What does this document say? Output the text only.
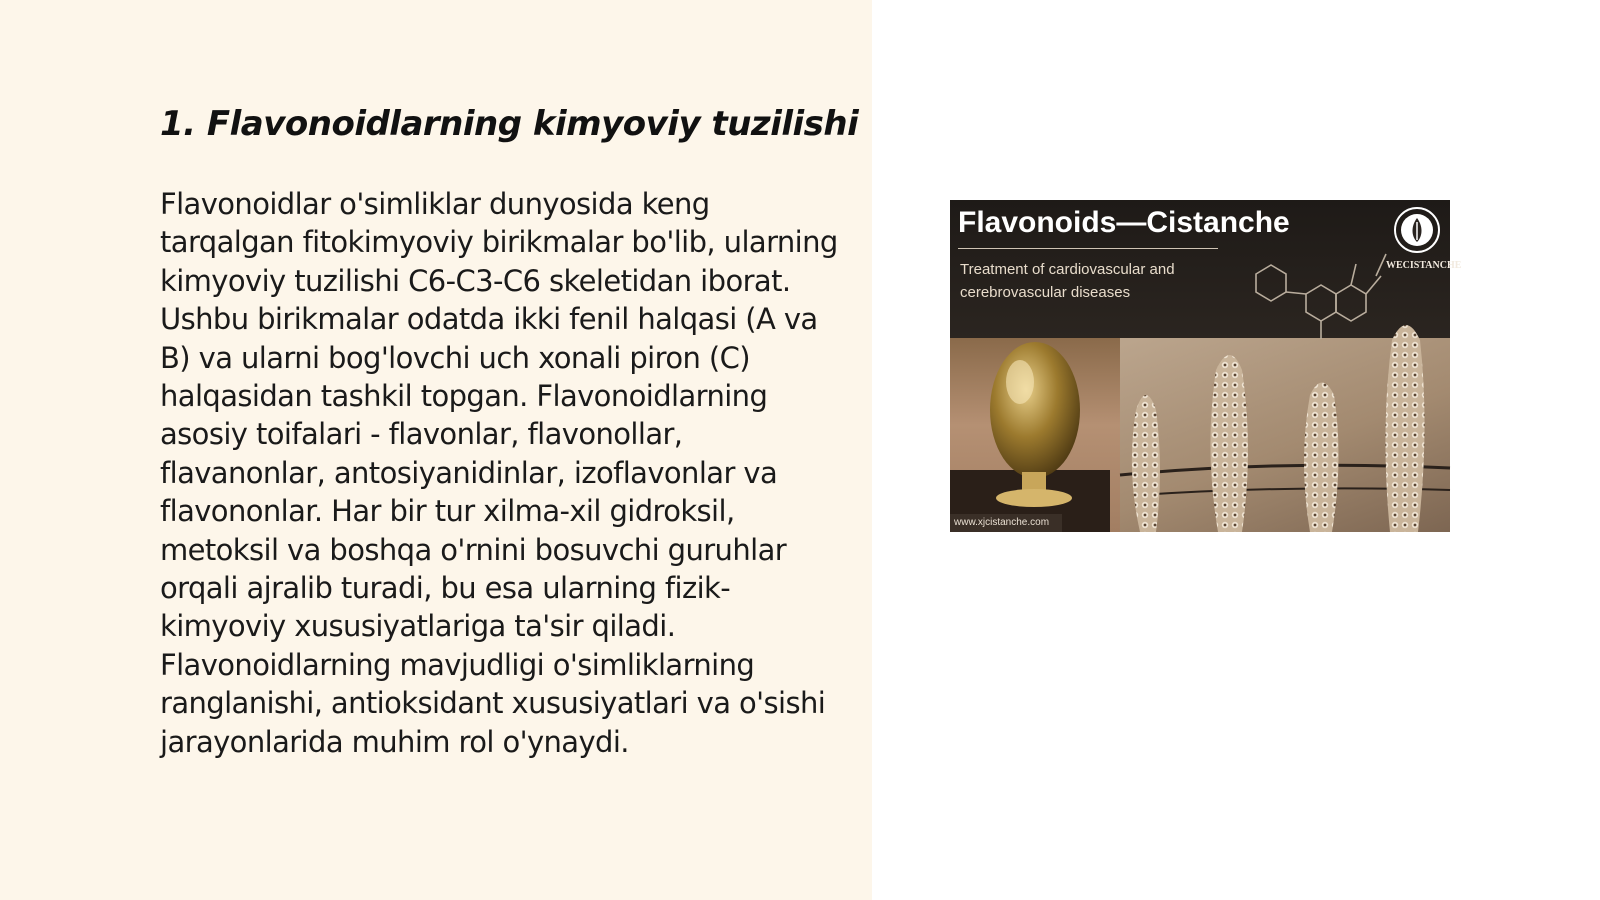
1. Flavonoidlarning kimyoviy tuzilishi

Flavonoidlar o'simliklar dunyosida keng tarqalgan fitokimyoviy birikmalar bo'lib, ularning kimyoviy tuzilishi C6-C3-C6 skeletidan iborat. Ushbu birikmalar odatda ikki fenil halqasi (A va B) va ularni bog'lovchi uch xonali piron (C) halqasidan tashkil topgan. Flavonoidlarning asosiy toifalari - flavonlar, flavonollar, flavanonlar, antosiyanidinlar, izoflavonlar va flavononlar. Har bir tur xilma-xil gidroksil, metoksil va boshqa o'rnini bosuvchi guruhlar orqali ajralib turadi, bu esa ularning fizik-kimyoviy xususiyatlariga ta'sir qiladi. Flavonoidlarning mavjudligi o'simliklarning ranglanishi, antioksidant xususiyatlari va o'sishi jarayonlarida muhim rol o'ynaydi.

Flavonoids—Cistanche
Treatment of cardiovascular and cerebrovascular diseases
WECISTANCHE
www.xjcistanche.com
